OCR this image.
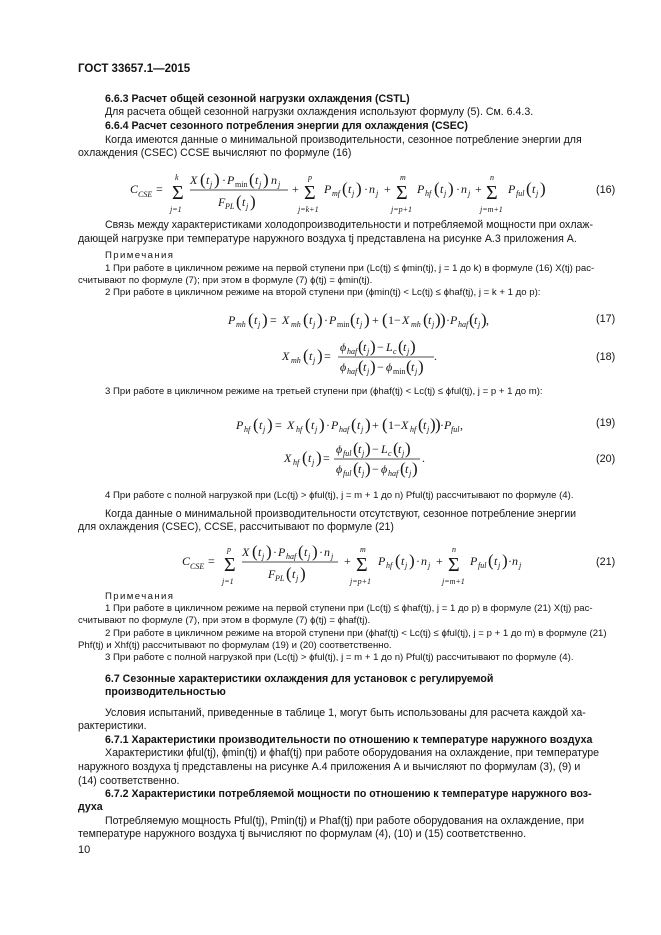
ГОСТ 33657.1—2015
6.6.3 Расчет общей сезонной нагрузки охлаждения (CSTL)
Для расчета общей сезонной нагрузки охлаждения используют формулу (5). См. 6.4.3.
6.6.4 Расчет сезонного потребления энергии для охлаждения (CSEC)
Когда имеются данные о минимальной производительности, сезонное потребление энергии для
охлаждения (CSEC) CCSE вычисляют по формуле (16)
C CSE = Σ
k
j=1
X ( t j ) · P min ( t j ) n j
F PL ( t j )
+ Σ
p
j=k+1
P mf ( t j ) · n j + Σ
m
j=p+1
P hf ( t j ) · n j + Σ
n
j=m+1
P ful ( t j )	(16)
Связь между характеристиками холодопроизводительности и потребляемой мощности при охлаж-
дающей нагрузке при температуре наружного воздуха tj представлена на рисунке А.3 приложения А.
Примечания
1 При работе в цикличном режиме на первой ступени при (Lc(tj) ≤ ϕmin(tj), j = 1 до k) в формуле (16) X(tj) рас-
считывают по формуле (7); при этом в формуле (7) ϕ(tj) = ϕmin(tj).
2 При работе в цикличном режиме на второй ступени при (ϕmin(tj) < Lc(tj) ≤ ϕhaf(tj), j = k + 1 до p):
P mh ( t j ) = X mh ( t j ) · P min ( t j ) + ( 1− X mh ( t j ) ) · P haf ( t j ) ,	(17)
X mh ( t j ) =
ϕ haf ( t j ) − L c ( t j )
ϕ haf ( t j ) − ϕ min ( t j )
.	(18)
3 При работе в цикличном режиме на третьей ступени при (ϕhaf(tj) < Lc(tj) ≤ ϕful(tj), j = p + 1 до m):
P hf ( t j ) = X hf ( t j ) · P haf ( t j ) + ( 1− X hf ( t j ) ) · P ful ,	(19)
X hf ( t j ) =
ϕ ful ( t j ) − L c ( t j )
ϕ ful ( t j ) − ϕ haf ( t j )
.	(20)
4 При работе с полной нагрузкой при (Lc(tj) > ϕful(tj), j = m + 1 до n) Pful(tj) рассчитывают по формуле (4).
Когда данные о минимальной производительности отсутствуют, сезонное потребление энергии
для охлаждения (CSEC), CCSE, рассчитывают по формуле (21)
C CSE = Σ
p
j=1
X ( t j ) · P haf ( t j ) · n j
F PL ( t j )
+ Σ
m
j=p+1
P hf ( t j ) · n j + Σ
n
j=m+1
P ful ( t j ) · n j	(21)
Примечания
1 При работе в цикличном режиме на первой ступени при (Lc(tj) ≤ ϕhaf(tj), j = 1 до p) в формуле (21) X(tj) рас-
считывают по формуле (7), при этом в формуле (7) ϕ(tj) = ϕhaf(tj).
2 При работе в цикличном режиме на второй ступени при (ϕhaf(tj) < Lc(tj) ≤ ϕful(tj), j = p + 1 до m) в формуле (21)
Phf(tj) и Xhf(tj) рассчитывают по формулам (19) и (20) соответственно.
3 При работе с полной нагрузкой при (Lc(tj) > ϕful(tj), j = m + 1 до n) Pful(tj) рассчитывают по формуле (4).
6.7 Сезонные характеристики охлаждения для установок с регулируемой
производительностью
Условия испытаний, приведенные в таблице 1, могут быть использованы для расчета каждой ха-
рактеристики.
6.7.1 Характеристики производительности по отношению к температуре наружного воздуха
Характеристики ϕful(tj), ϕmin(tj) и ϕhaf(tj) при работе оборудования на охлаждение, при температуре
наружного воздуха tj представлены на рисунке А.4 приложения А и вычисляют по формулам (3), (9) и
(14) соответственно.
6.7.2 Характеристики потребляемой мощности по отношению к температуре наружного воз-
духа
Потребляемую мощность Pful(tj), Pmin(tj) и Phaf(tj) при работе оборудования на охлаждение, при
температуре наружного воздуха tj вычисляют по формулам (4), (10) и (15) соответственно.
10
